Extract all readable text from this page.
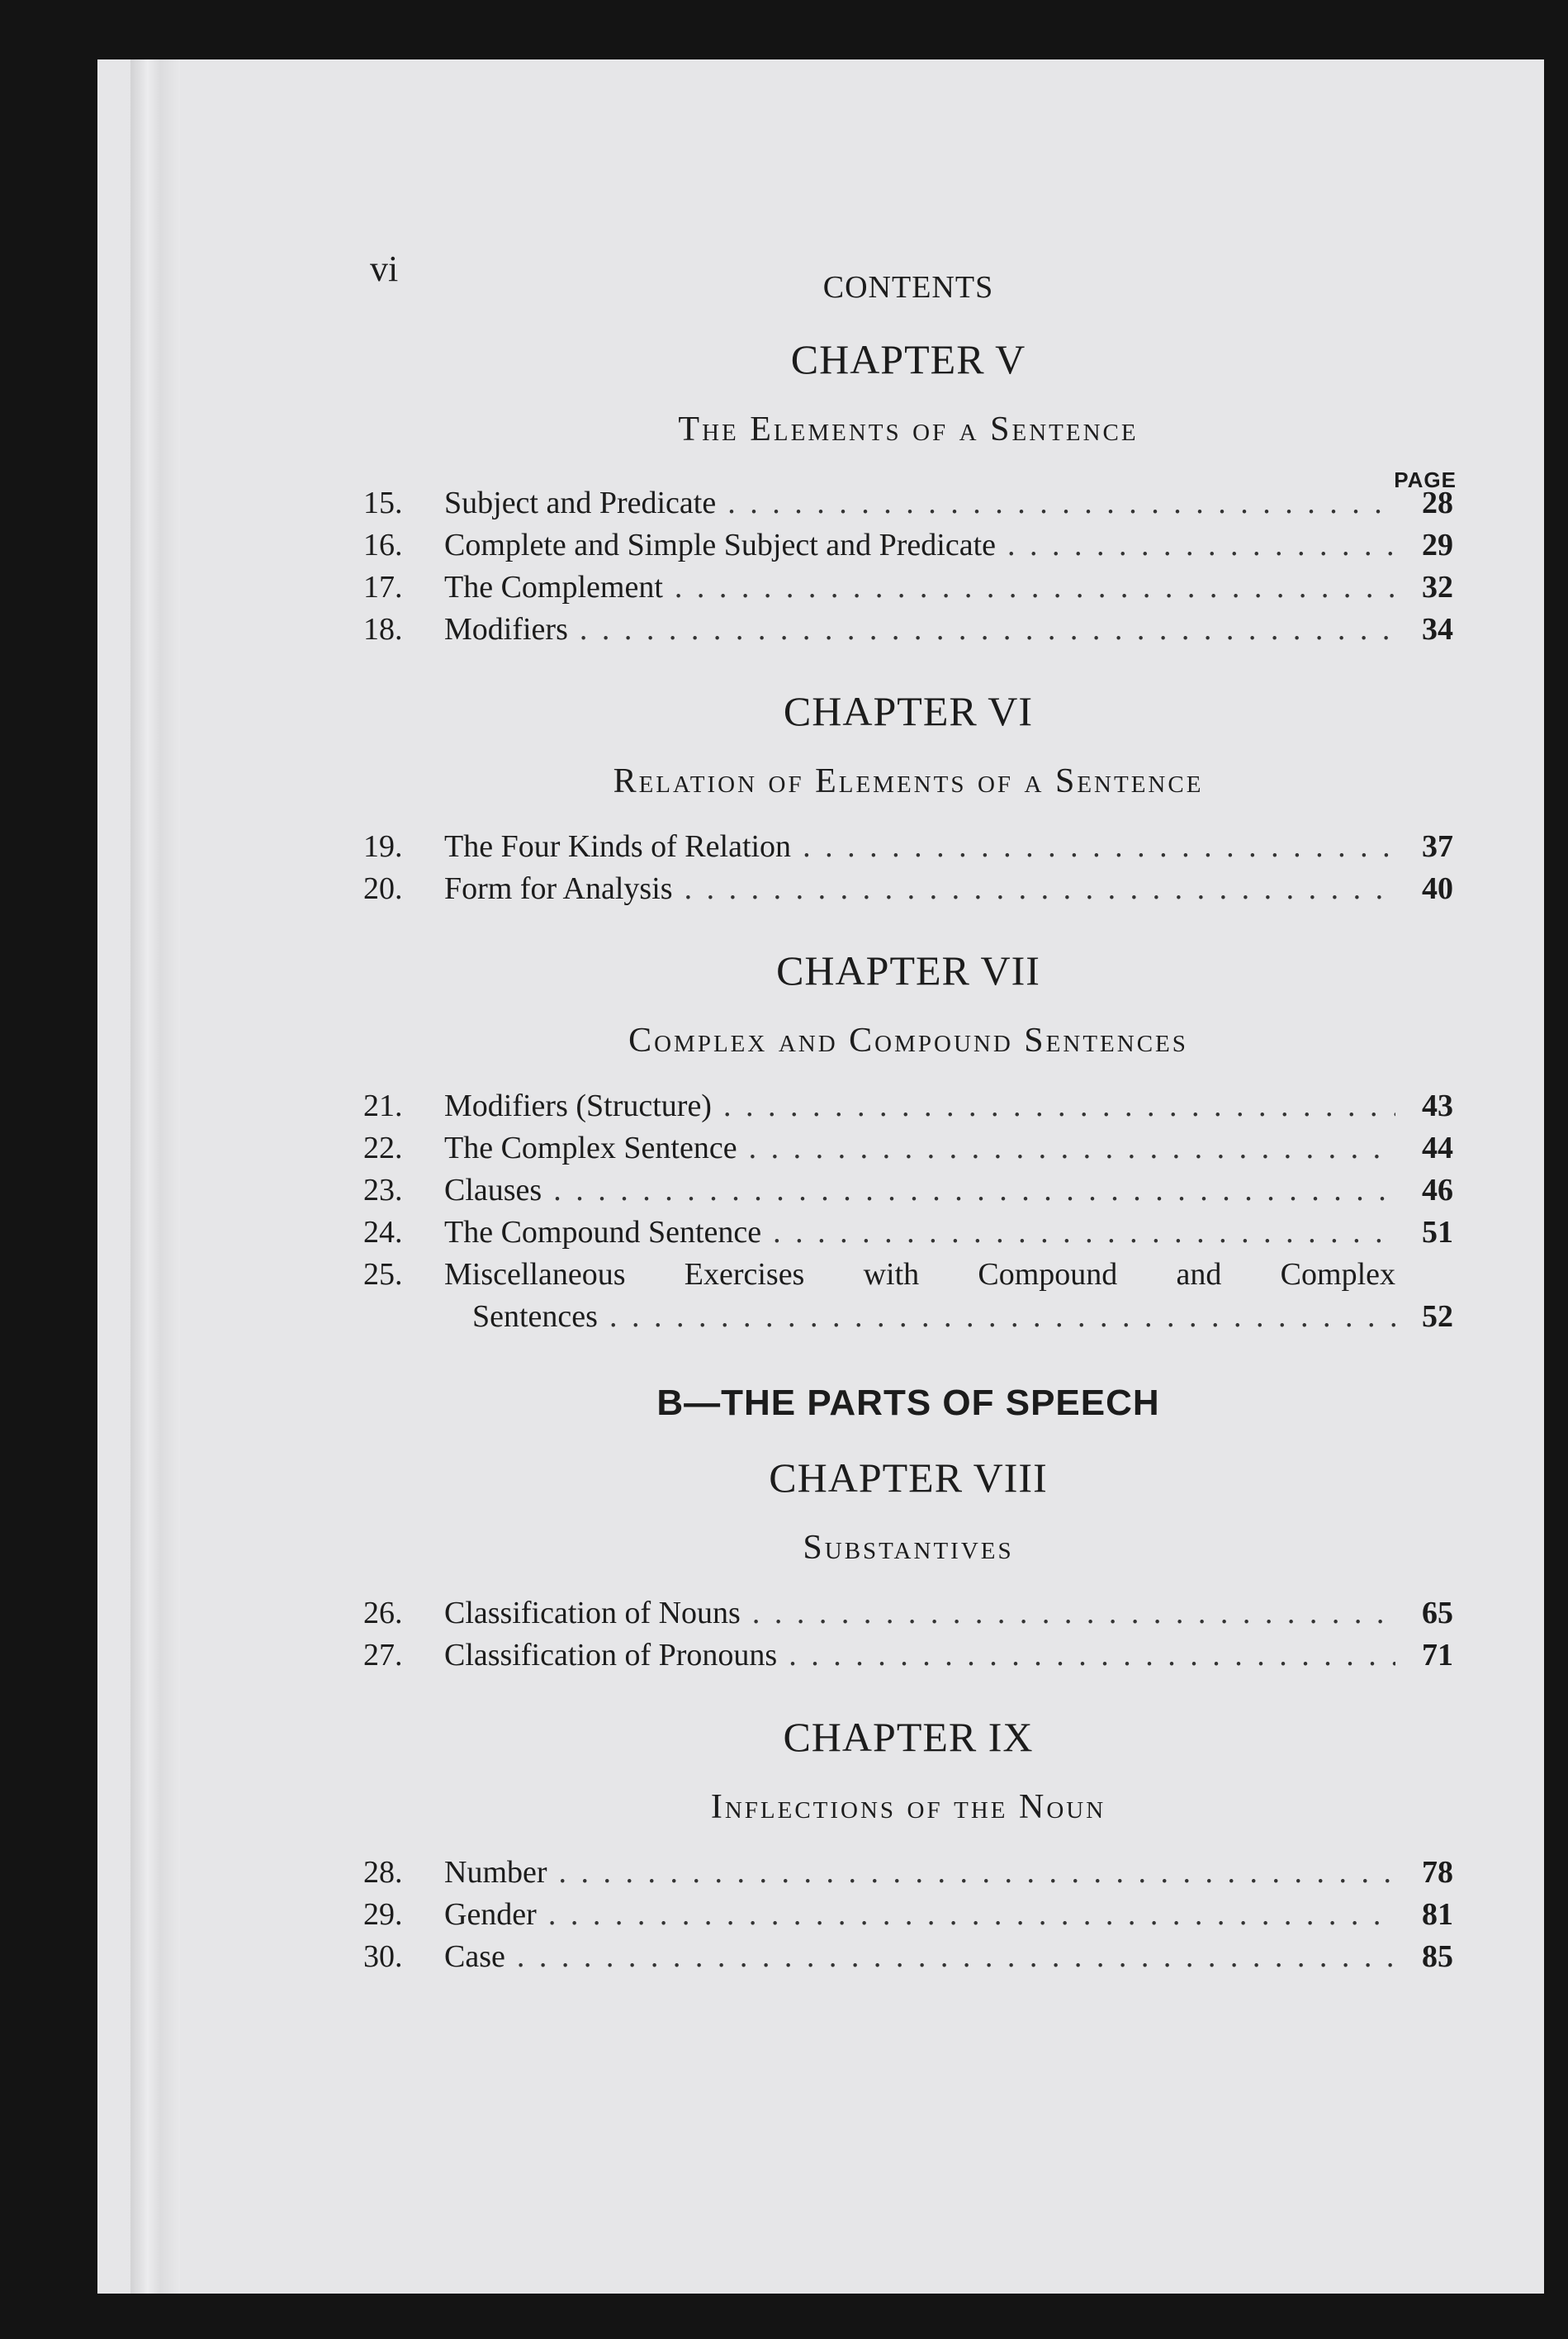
vi	CONTENTS
CHAPTER V
The Elements of a Sentence
PAGE
15.	Subject and Predicate . . .	28
16.	Complete and Simple Subject and Predicate . . .	29
17.	The Complement . . .	32
18.	Modifiers . . .	34
CHAPTER VI
Relation of Elements of a Sentence
19.	The Four Kinds of Relation . . .	37
20.	Form for Analysis . . .	40
CHAPTER VII
Complex and Compound Sentences
21.	Modifiers (Structure) . . .	43
22.	The Complex Sentence . . .	44
23.	Clauses . . .	46
24.	The Compound Sentence . . .	51
25.	Miscellaneous Exercises with Compound and Complex
Sentences . . .	52
B—THE PARTS OF SPEECH
CHAPTER VIII
Substantives
26.	Classification of Nouns . . .	65
27.	Classification of Pronouns . . .	71
CHAPTER IX
Inflections of the Noun
28.	Number . . .	78
29.	Gender . . .	81
30.	Case . . .	85
